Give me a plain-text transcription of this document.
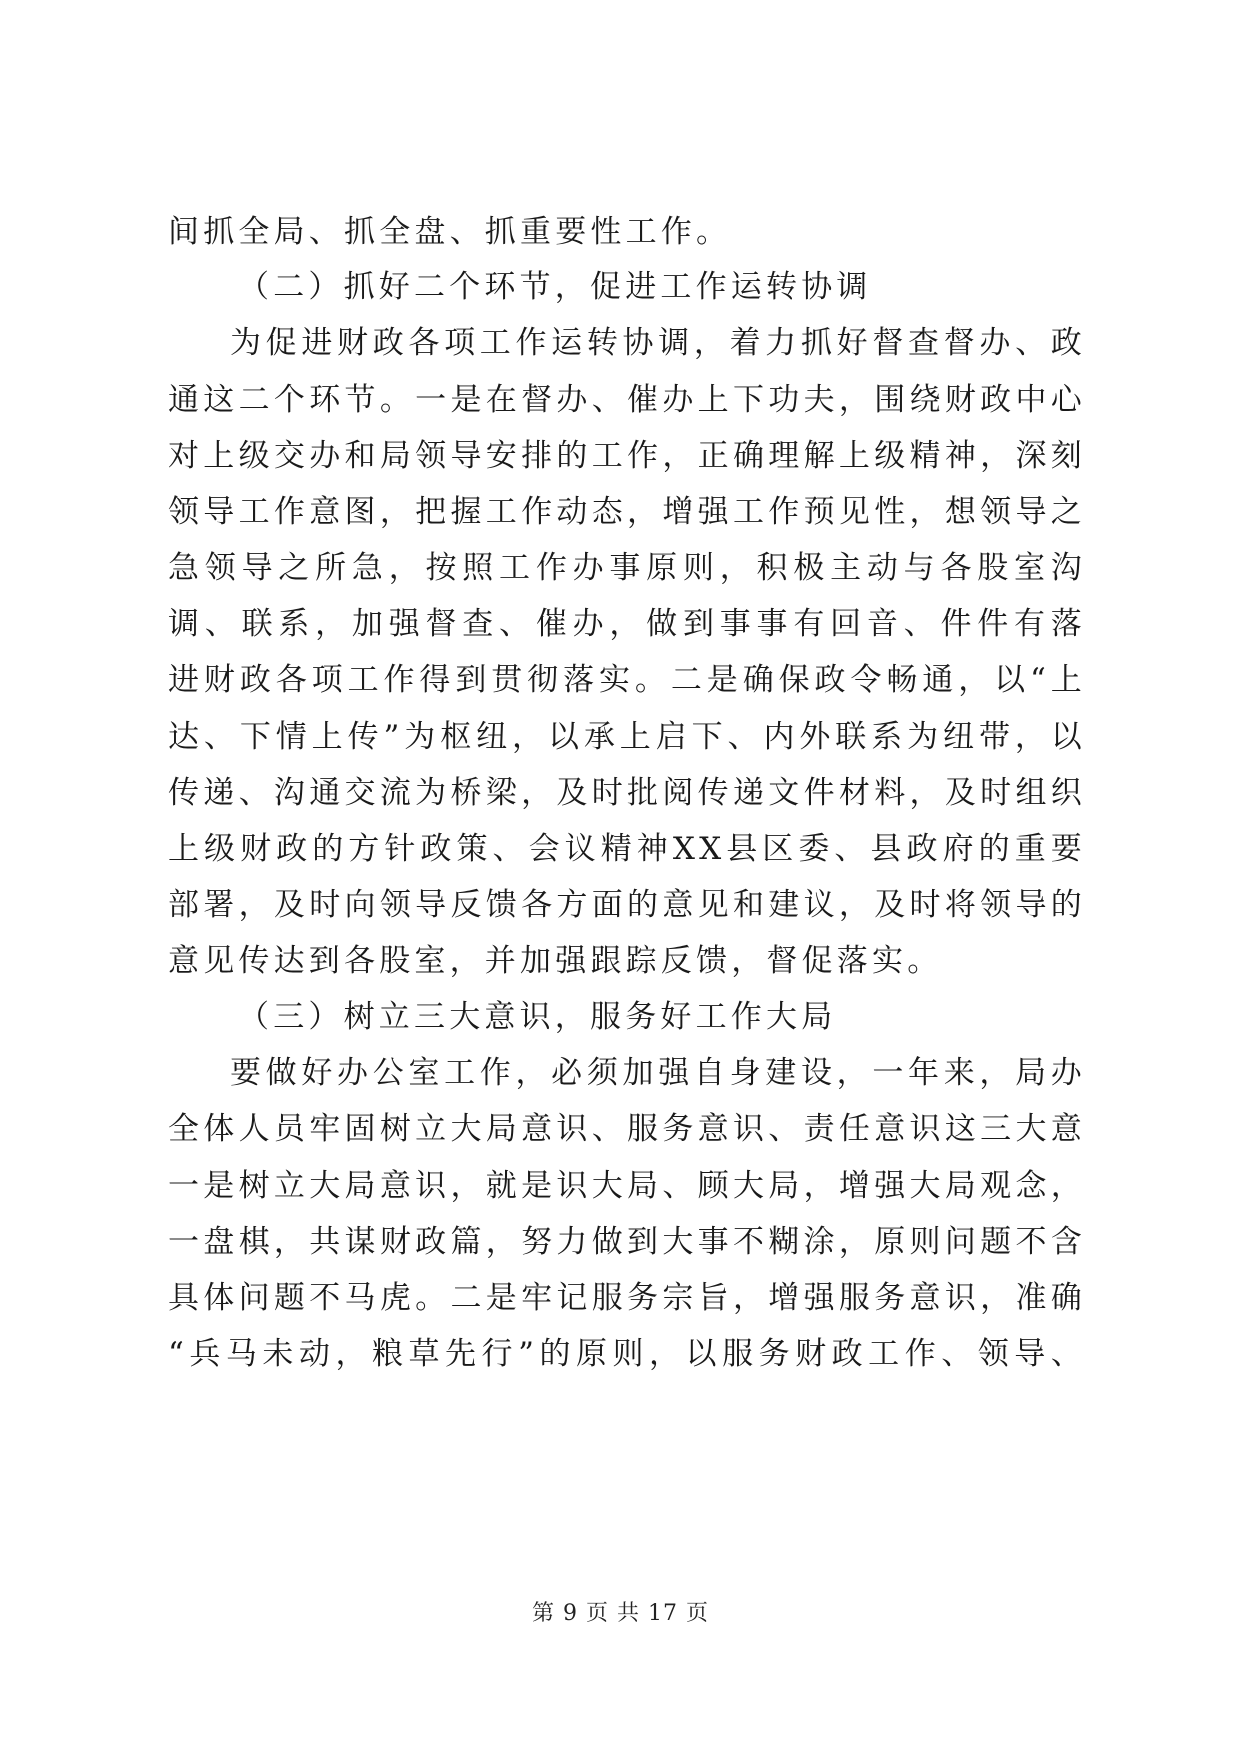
间抓全局、抓全盘、抓重要性工作。
（二）抓好二个环节，促进工作运转协调
为促进财政各项工作运转协调，着力抓好督查督办、政
通这二个环节。一是在督办、催办上下功夫，围绕财政中心
对上级交办和局领导安排的工作，正确理解上级精神，深刻
领导工作意图，把握工作动态，增强工作预见性，想领导之
急领导之所急，按照工作办事原则，积极主动与各股室沟
调、联系，加强督查、催办，做到事事有回音、件件有落
进财政各项工作得到贯彻落实。二是确保政令畅通，以“上
达、下情上传”为枢纽，以承上启下、内外联系为纽带，以
传递、沟通交流为桥梁，及时批阅传递文件材料，及时组织
上级财政的方针政策、会议精神XX县区委、县政府的重要
部署，及时向领导反馈各方面的意见和建议，及时将领导的
意见传达到各股室，并加强跟踪反馈，督促落实。
（三）树立三大意识，服务好工作大局
要做好办公室工作，必须加强自身建设，一年来，局办
全体人员牢固树立大局意识、服务意识、责任意识这三大意
一是树立大局意识，就是识大局、顾大局，增强大局观念，
一盘棋，共谋财政篇，努力做到大事不糊涂，原则问题不含
具体问题不马虎。二是牢记服务宗旨，增强服务意识，准确
“兵马未动，粮草先行”的原则，以服务财政工作、领导、
第 9 页 共 17 页
